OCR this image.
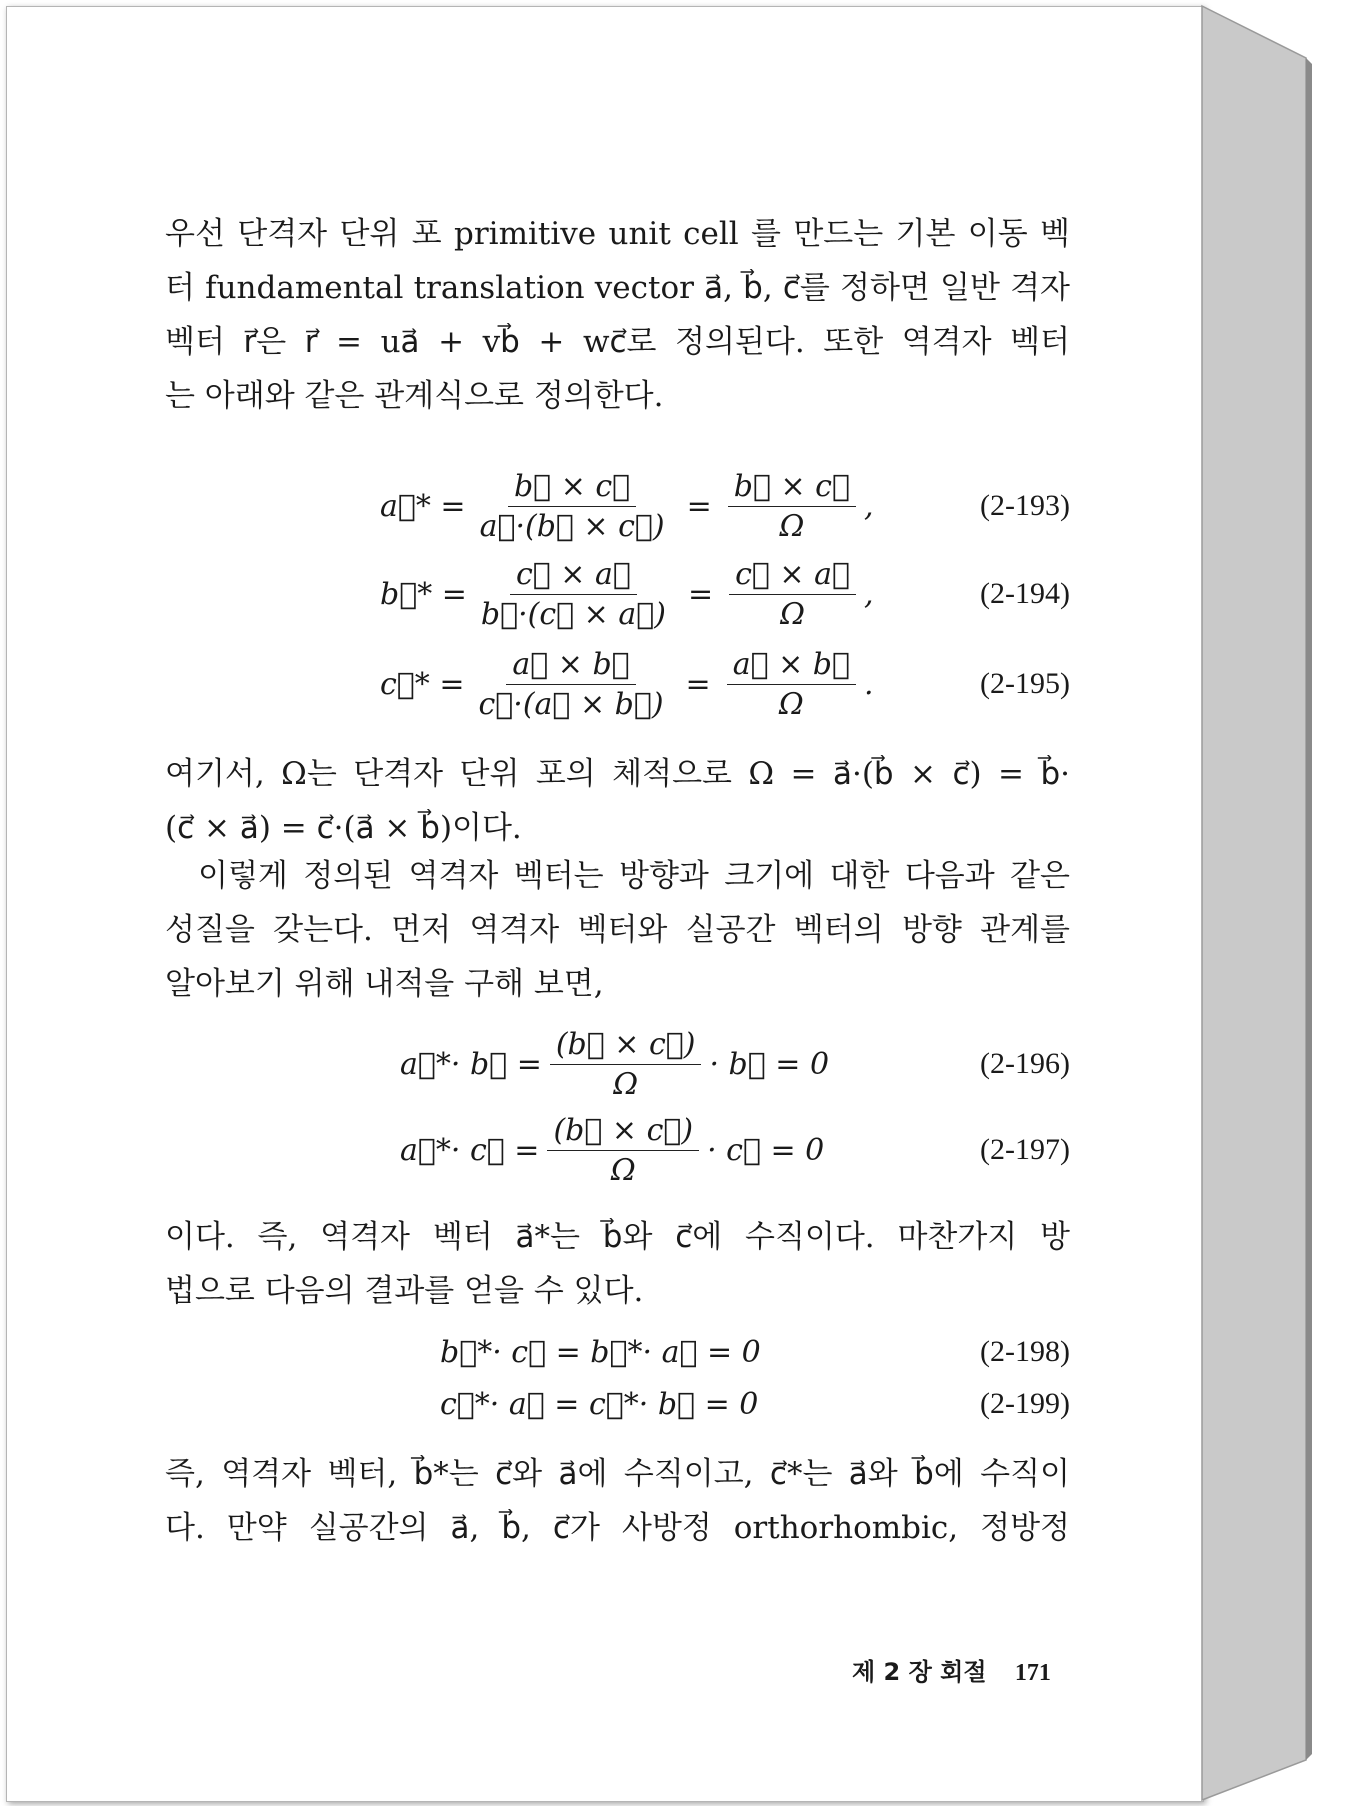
우선 단격자 단위 포 primitive unit cell 를 만드는 기본 이동 벡
터 fundamental translation vector a⃗, b⃗, c⃗를 정하면 일반 격자
벡터 r⃗은 r⃗ = ua⃗ + vb⃗ + wc⃗로 정의된다. 또한 역격자 벡터
는 아래와 같은 관계식으로 정의한다.

a⃗* = $\frac{b⃗ \times c⃗}{a⃗\cdot(b⃗ \times c⃗)} = \frac{b⃗ \times c⃗}{\Omega}$ ,	(2-193)
b⃗* = $\frac{c⃗ \times a⃗}{b⃗\cdot(c⃗ \times a⃗)} = \frac{c⃗ \times a⃗}{\Omega}$ ,	(2-194)
c⃗* = $\frac{a⃗ \times b⃗}{c⃗\cdot(a⃗ \times b⃗)} = \frac{a⃗ \times b⃗}{\Omega}$ .	(2-195)

여기서, Ω는 단격자 단위 포의 체적으로 Ω = a⃗·(b⃗ × c⃗) = b⃗·
(c⃗ × a⃗) = c⃗·(a⃗ × b⃗)이다.

이렇게 정의된 역격자 벡터는 방향과 크기에 대한 다음과 같은
성질을 갖는다. 먼저 역격자 벡터와 실공간 벡터의 방향 관계를
알아보기 위해 내적을 구해 보면,

a⃗*· b⃗ = $\frac{(b⃗ \times c⃗)}{\Omega}$ · b⃗ = 0	(2-196)
a⃗*· c⃗ = $\frac{(b⃗ \times c⃗)}{\Omega}$ · c⃗ = 0	(2-197)

이다. 즉, 역격자 벡터 a⃗*는 b⃗와 c⃗에 수직이다. 마찬가지 방
법으로 다음의 결과를 얻을 수 있다.

b⃗*· c⃗ = b⃗*· a⃗ = 0	(2-198)
c⃗*· a⃗ = c⃗*· b⃗ = 0	(2-199)

즉, 역격자 벡터, b⃗*는 c⃗와 a⃗에 수직이고, c⃗*는 a⃗와 b⃗에 수직이
다. 만약 실공간의 a⃗, b⃗, c⃗가 사방정 orthorhombic, 정방정

제 2 장 회절 171
